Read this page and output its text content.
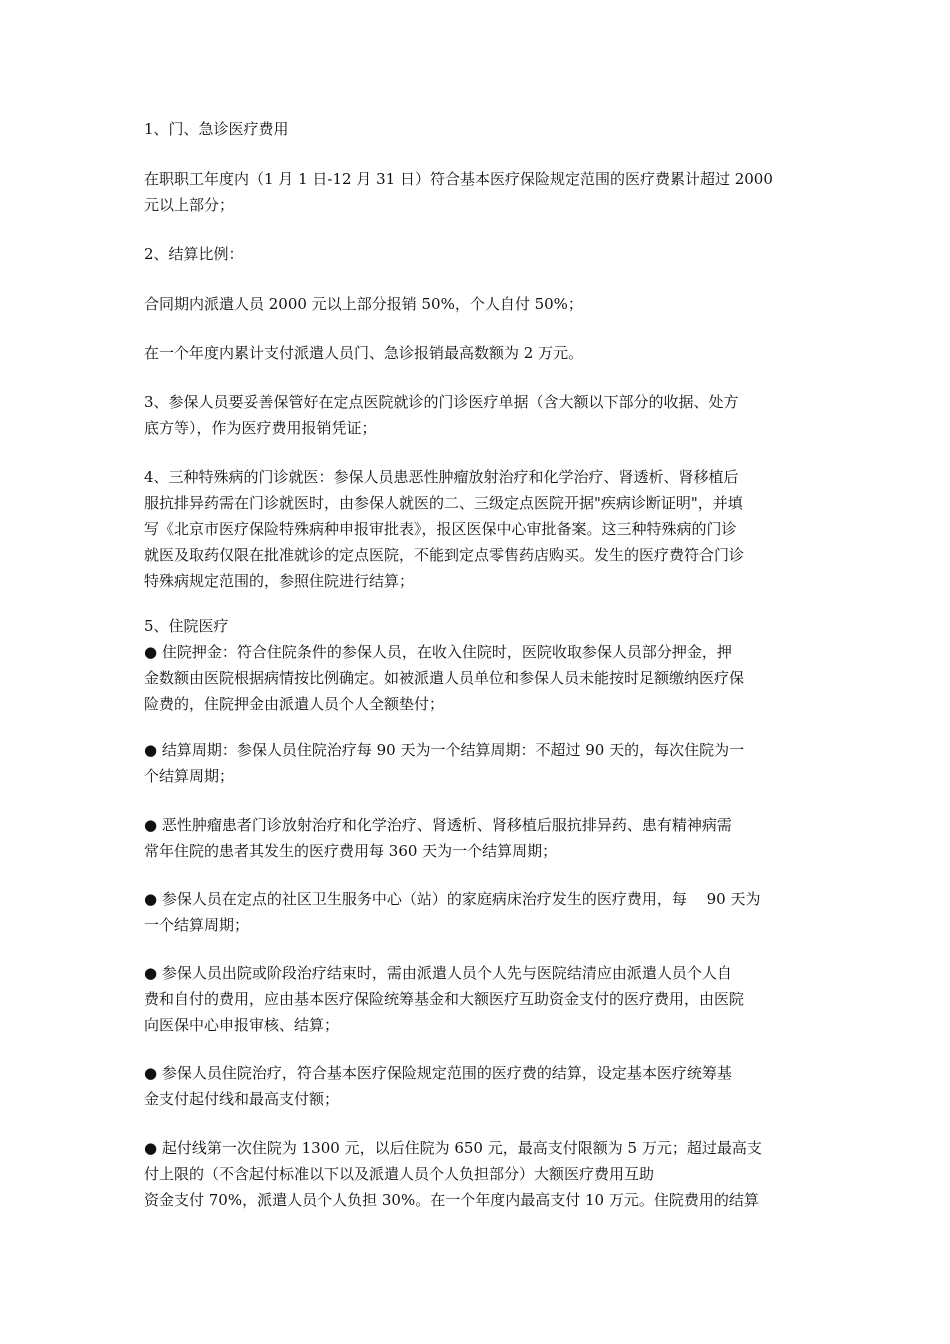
1、门、急诊医疗费用
在职职工年度内（1 月 1 日-12 月 31 日）符合基本医疗保险规定范围的医疗费累计超过 2000
元以上部分；
2、结算比例：
合同期内派遣人员 2000 元以上部分报销 50%，个人自付 50%；
在一个年度内累计支付派遣人员门、急诊报销最高数额为 2 万元。
3、参保人员要妥善保管好在定点医院就诊的门诊医疗单据（含大额以下部分的收据、处方
底方等），作为医疗费用报销凭证；
4、三种特殊病的门诊就医：参保人员患恶性肿瘤放射治疗和化学治疗、肾透析、肾移植后
服抗排异药需在门诊就医时，由参保人就医的二、三级定点医院开据"疾病诊断证明"，并填
写《北京市医疗保险特殊病种申报审批表》，报区医保中心审批备案。这三种特殊病的门诊
就医及取药仅限在批准就诊的定点医院，不能到定点零售药店购买。发生的医疗费符合门诊
特殊病规定范围的，参照住院进行结算；
5、住院医疗
● 住院押金：符合住院条件的参保人员，在收入住院时，医院收取参保人员部分押金，押
金数额由医院根据病情按比例确定。如被派遣人员单位和参保人员未能按时足额缴纳医疗保
险费的，住院押金由派遣人员个人全额垫付；
● 结算周期：参保人员住院治疗每 90 天为一个结算周期：不超过 90 天的，每次住院为一
个结算周期；
● 恶性肿瘤患者门诊放射治疗和化学治疗、肾透析、肾移植后服抗排异药、患有精神病需
常年住院的患者其发生的医疗费用每 360 天为一个结算周期；
● 参保人员在定点的社区卫生服务中心（站）的家庭病床治疗发生的医疗费用，每　 90 天为
一个结算周期；
● 参保人员出院或阶段治疗结束时，需由派遣人员个人先与医院结清应由派遣人员个人自
费和自付的费用，应由基本医疗保险统筹基金和大额医疗互助资金支付的医疗费用，由医院
向医保中心申报审核、结算；
● 参保人员住院治疗，符合基本医疗保险规定范围的医疗费的结算，设定基本医疗统筹基
金支付起付线和最高支付额；
● 起付线第一次住院为 1300 元，以后住院为 650 元，最高支付限额为 5 万元；超过最高支
付上限的（不含起付标准以下以及派遣人员个人负担部分）大额医疗费用互助
资金支付 70%，派遣人员个人负担 30%。在一个年度内最高支付 10 万元。住院费用的结算
